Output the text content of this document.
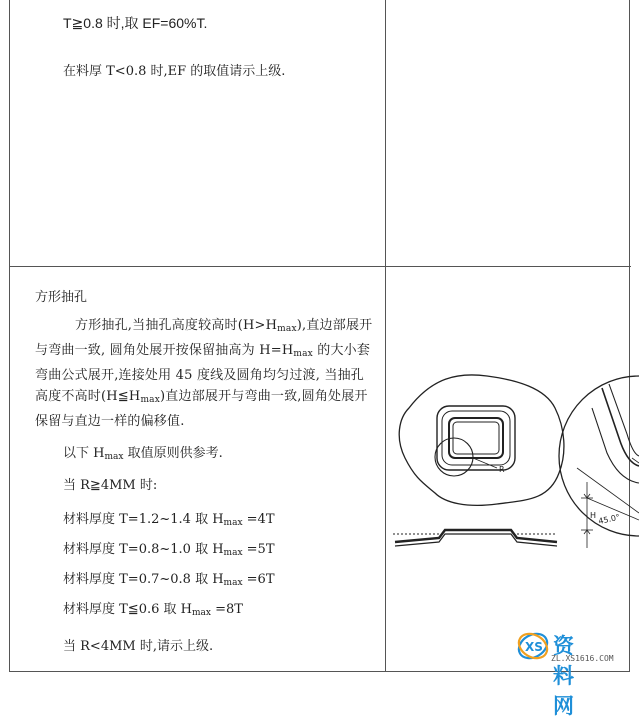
T≧0.8 时,取 EF=60%T.
在料厚 T<0.8 时,EF 的取值请示上级.
方形抽孔
方形抽孔,当抽孔高度较高时$(H>H_{max})$,直边部展开与弯曲一致, 圆角处展开按保留抽高为 $H=H_{max}$ 的大小套弯曲公式展开,连接处用 45 度线及圆角均匀过渡, 当抽孔高度不高时$(H≦H_{max})$直边部展开与弯曲一致,圆角处展开保留与直边一样的偏移值.
以下 $H_{max}$ 取值原则供参考.
当 R≧4MM 时:
材料厚度 T=1.2~1.4 取 $H_{max} =4T$
材料厚度 T=0.8~1.0 取 $H_{max} =5T$
材料厚度 T=0.7~0.8 取 $H_{max} =6T$
材料厚度 T≦0.6 取 $H_{max} =8T$
当 R<4MM 时,请示上级.
R
45.0°
H
XS 资料网
ZL.XS1616.COM
